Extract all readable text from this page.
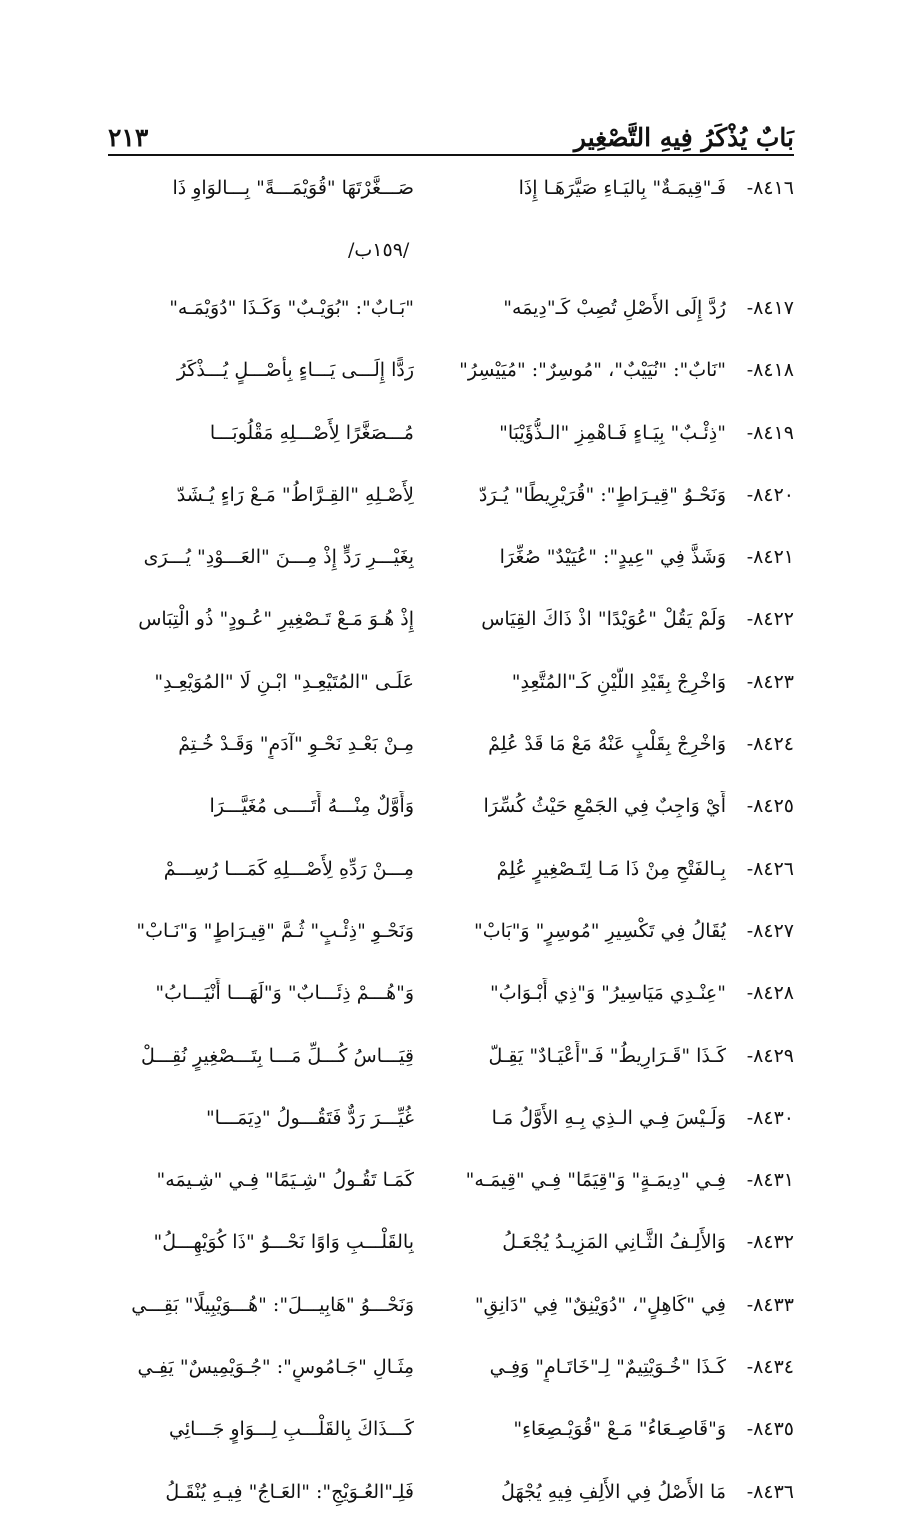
بَابٌ يُذْكَرُ فِيهِ التَّصْغِير
٢١٣
٨٤١٦-
فَـ"قِيمَـةٌ" بِاليَـاءِ صَيَّرَهَـا إِذَا
صَـــغَّرْتَهَا "قُوَيْمَـــةً" بِـــالوَاوِ ذَا
/١٥٩ب/
٨٤١٧-
رُدَّ إِلَى الأَصْلِ تُصِبْ كَـ"دِيمَه"
"بَـابٌ": "بُوَيْـبٌ" وَكَـذَا "دُوَيْمَـه"
٨٤١٨-
"نَابٌ": "نُيَيْبٌ"، "مُوسِرٌ": "مُيَيْسِرُ"
رَدًّا إِلَـــى يَـــاءٍ بِأَصْـــلٍ يُـــذْكَرُ
٨٤١٩-
"ذِئْـبٌ" بِيَـاءٍ فَـاهْمِزِ "الـذُّؤَيْبَا"
مُـــصَغَّرًا لِأَصْـــلِهِ مَقْلُوبَـــا
٨٤٢٠-
وَنَحْـوُ "قِيـرَاطٍ": "قُرَيْرِيطًا" يُـرَدّ
لِأَصْـلِهِ "القِـرَّاطُ" مَـعْ رَاءٍ يُـشَدّ
٨٤٢١-
وَشَذَّ فِي "عِيدٍ": "عُيَيْدٌ" صُغِّرَا
بِغَيْـــرِ رَدٍّ إِذْ مِـــنَ "العَـــوْدِ" يُـــرَى
٨٤٢٢-
وَلَمْ يَقُلْ "عُوَيْدًا" اذْ ذَاكَ القِيَاس
إِذْ هُـوَ مَـعْ تَـصْغِيرِ "عُـودٍ" ذُو الْتِبَاس
٨٤٢٣-
وَاخْرِجْ بِقَيْدِ اللَّيْنِ كَـ"المُتَّعِدِ"
عَلَـى "المُتَيْعِـدِ" ابْـنِ لَا "المُوَيْعِـدِ"
٨٤٢٤-
وَاخْرِجْ بِقَلْبٍ عَنْهُ مَعْ مَا قَدْ عُلِمْ
مِـنْ بَعْـدِ نَحْـوِ "آدَمٍ" وَقَـدْ خُـتِمْ
٨٤٢٥-
أَيْ وَاجِبٌ فِي الجَمْعِ حَيْثُ كُسِّرَا
وَأَوَّلٌ مِنْـــهُ أَتَــــى مُغَيَّـــرَا
٨٤٢٦-
بِـالفَتْحِ مِنْ ذَا مَـا لِتَـصْغِيرٍ عُلِمْ
مِـــنْ رَدِّهِ لِأَصْـــلِهِ كَمَـــا رُسِـــمْ
٨٤٢٧-
يُقَالُ فِي تَكْسِيرِ "مُوسِرٍ" وَ"بَابْ"
وَنَحْـوِ "ذِئْـبٍ" ثُـمَّ "قِيـرَاطٍ" وَ"نَـابْ"
٨٤٢٨-
"عِنْـدِي مَيَاسِيرُ" وَ"ذِي أَبْـوَابُ"
وَ"هُـــمْ ذِئَـــابٌ" وَ"لَهَـــا أَنْيَـــابُ"
٨٤٢٩-
كَـذَا "قَـرَارِيطُ" فَـ"أَعْيَـادٌ" يَقِـلّ
قِيَـــاسُ كُـــلِّ مَـــا بِتَـــصْغِيرٍ نُقِـــلْ
٨٤٣٠-
وَلَـيْسَ فِـي الـذِي بِـهِ الأَوَّلُ مَـا
غُيِّـــرَ رَدٌّ فَتَقُـــولُ "دِيَمَـــا"
٨٤٣١-
فِـي "دِيمَـةٍ" وَ"قِيَمًا" فِـي "قِيمَـه"
كَمَـا تَقُـولُ "شِـيَمًا" فِـي "شِـيمَه"
٨٤٣٢-
وَالأَلِـفُ الثَّـانِي المَزِيـدُ يُجْعَـلُ
بِالقَلْـــبِ وَاوًا نَحْـــوُ "ذَا كُوَيْهِـــلُ"
٨٤٣٣-
فِي "كَاهِلٍ"، "دُوَيْنِقٌ" فِي "دَانِقِ"
وَنَحْـــوُ "هَابِيـــلَ": "هُـــوَيْبِيلًا" بَقِـــي
٨٤٣٤-
كَـذَا "خُـوَيْتِيمٌ" لِـ"خَاتَـامٍ" وَفِـي
مِثَـالِ "جَـامُوسٍ": "جُـوَيْمِيسٌ" يَفِـي
٨٤٣٥-
وَ"قَاصِـعَاءُ" مَـعْ "قُوَيْـصِعَاءِ"
كَـــذَاكَ بِالقَلْـــبِ لِـــوَاوٍ جَـــائِي
٨٤٣٦-
مَا الأَصْلُ فِي الأَلِفِ فِيهِ يُجْهَلُ
فَلِـ"العُـوَيْجِ": "العَـاجُ" فِيـهِ يُنْقَـلُ
